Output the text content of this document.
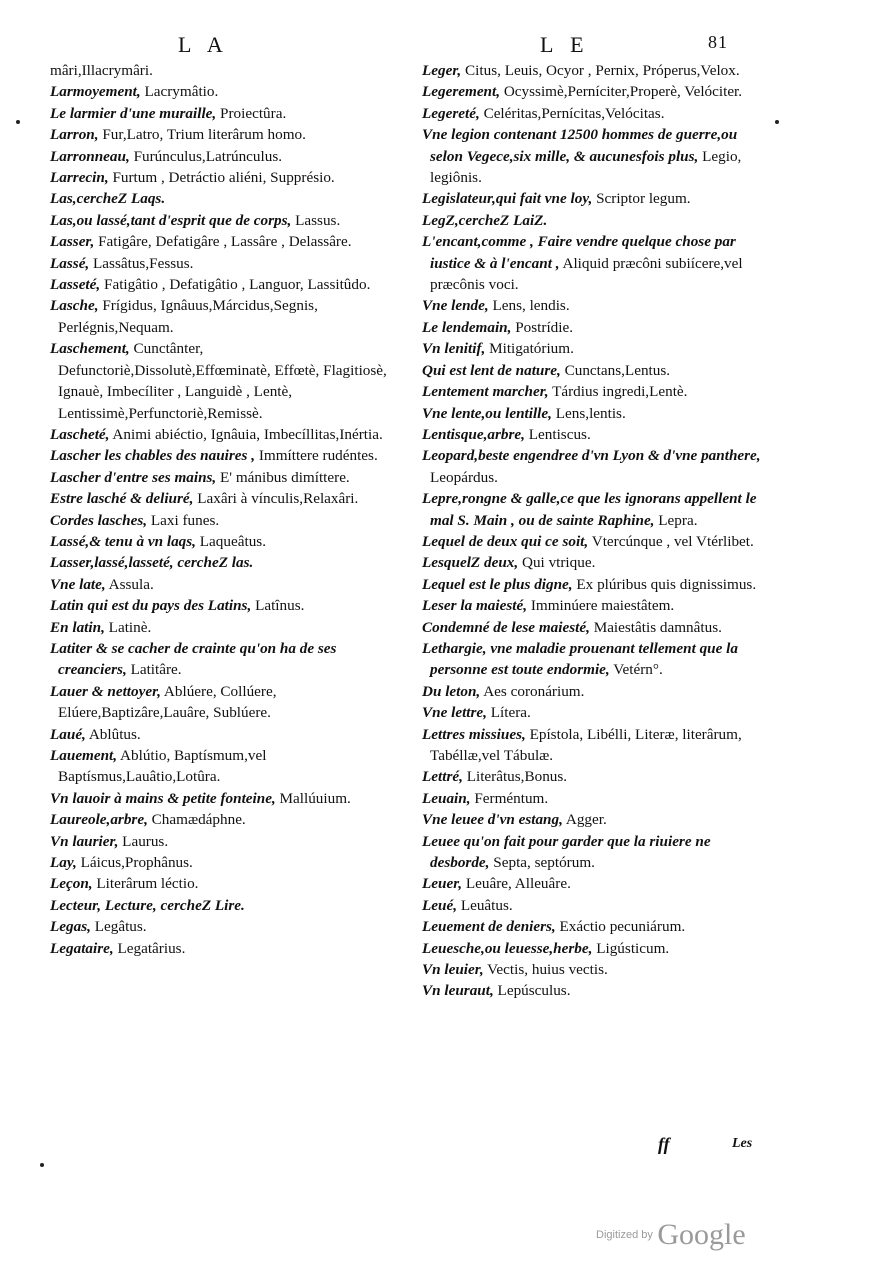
L A	L E	81

mâri,Illacrymâri.

Larmoyement, Lacrymâtio.

Le larmier d'une muraille, Proiectûra.

Larron, Fur,Latro, Trium literârum homo.

Larronneau, Furúnculus,Latrúnculus.

Larrecin, Furtum , Detráctio aliéni, Supprésio.

Las,cercheZ Laqs.

Las,ou lassé,tant d'esprit que de corps, Lassus.

Lasser, Fatigâre, Defatigâre , Lassâre , Delassâre.

Lassé, Lassâtus,Fessus.

Lasseté, Fatigâtio , Defatigâtio , Languor, Lassitûdo.

Lasche, Frígidus, Ignâuus,Márcidus,Segnis, Perlégnis,Nequam.

Laschement, Cunctânter, Defunctoriè,Dissolutè,Effœminatè, Effœtè, Flagitiosè, Ignauè, Imbecíliter , Languidè , Lentè, Lentissimè,Perfunctoriè,Remissè.

Lascheté, Animi abiéctio, Ignâuia, Imbecíllitas,Inértia.

Lascher les chables des nauires , Immíttere rudéntes.

Lascher d'entre ses mains, E' mánibus dimíttere.

Estre lasché & deliuré, Laxâri à vínculis,Relaxâri.

Cordes lasches, Laxi funes.

Lassé,& tenu à vn laqs, Laqueâtus.

Lasser,lassé,lasseté, cercheZ las.

Vne late, Assula.

Latin qui est du pays des Latins, Latînus.

En latin, Latinè.

Latiter & se cacher de crainte qu'on ha de ses creanciers, Latitâre.

Lauer & nettoyer, Ablúere, Collúere, Elúere,Baptizâre,Lauâre, Sublúere.

Laué, Ablûtus.

Lauement, Ablútio, Baptísmum,vel Baptísmus,Lauâtio,Lotûra.

Vn lauoir à mains & petite fonteine, Mallúuium.

Laureole,arbre, Chamædáphne.

Vn laurier, Laurus.

Lay, Láicus,Prophânus.

Leçon, Literârum léctio.

Lecteur, Lecture, cercheZ Lire.

Legas, Legâtus.

Legataire, Legatârius.

Leger, Citus, Leuis, Ocyor , Pernix, Próperus,Velox.

Legerement, Ocyssimè,Perníciter,Properè, Velóciter.

Legereté, Celéritas,Pernícitas,Velócitas.

Vne legion contenant 12500 hommes de guerre,ou selon Vegece,six mille, & aucunesfois plus, Legio, legiônis.

Legislateur,qui fait vne loy, Scriptor legum.

LegZ,cercheZ LaiZ.

L'encant,comme , Faire vendre quelque chose par iustice & à l'encant , Aliquid præcôni subiícere,vel præcônis voci.

Vne lende, Lens, lendis.

Le lendemain, Postrídie.

Vn lenitif, Mitigatórium.

Qui est lent de nature, Cunctans,Lentus.

Lentement marcher, Tárdius ingredi,Lentè.

Vne lente,ou lentille, Lens,lentis.

Lentisque,arbre, Lentiscus.

Leopard,beste engendree d'vn Lyon & d'vne panthere, Leopárdus.

Lepre,rongne & galle,ce que les ignorans appellent le mal S. Main , ou de sainte Raphine, Lepra.

Lequel de deux qui ce soit, Vtercúnque , vel Vtérlibet.

LesquelZ deux, Qui vtrique.

Lequel est le plus digne, Ex plúribus quis dignissimus.

Leser la maiesté, Imminúere maiestâtem.

Condemné de lese maiesté, Maiestâtis damnâtus.

Lethargie, vne maladie prouenant tellement que la personne est toute endormie, Vetérn°.

Du leton, Aes coronárium.

Vne lettre, Lítera.

Lettres missiues, Epístola, Libélli, Literæ, literârum, Tabéllæ,vel Tábulæ.

Lettré, Literâtus,Bonus.

Leuain, Ferméntum.

Vne leuee d'vn estang, Agger.

Leuee qu'on fait pour garder que la riuiere ne desborde, Septa, septórum.

Leuer, Leuâre, Alleuâre.

Leué, Leuâtus.

Leuement de deniers, Exáctio pecuniárum.

Leuesche,ou leuesse,herbe, Ligústicum.

Vn leuier, Vectis, huius vectis.

Vn leuraut, Lepúsculus.

ff	Les
Digitized by Google
